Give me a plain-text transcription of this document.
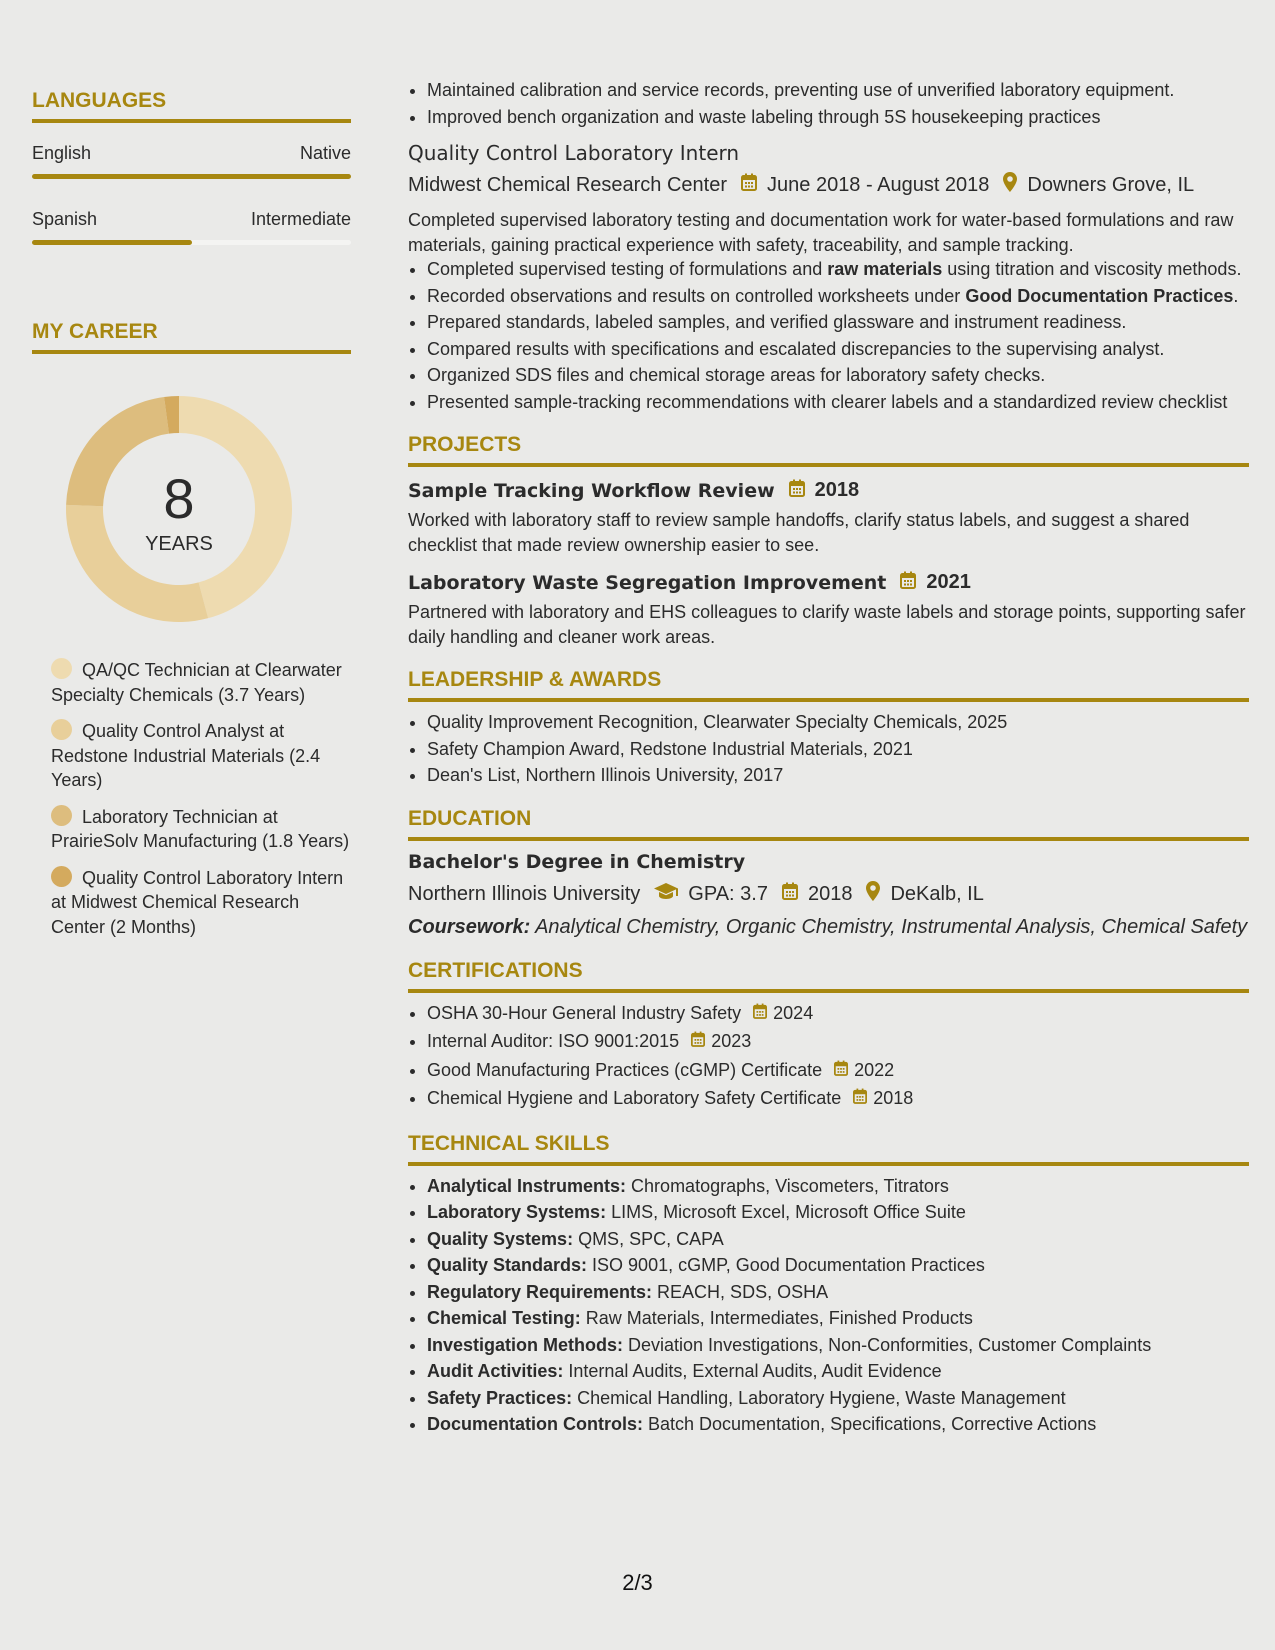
LANGUAGES
English	Native
Spanish	Intermediate
MY CAREER
8
YEARS
QA/QC Technician at Clearwater Specialty Chemicals (3.7 Years)
Quality Control Analyst at Redstone Industrial Materials (2.4 Years)
Laboratory Technician at PrairieSolv Manufacturing (1.8 Years)
Quality Control Laboratory Intern at Midwest Chemical Research Center (2 Months)
• Maintained calibration and service records, preventing use of unverified laboratory equipment.
• Improved bench organization and waste labeling through 5S housekeeping practices
Quality Control Laboratory Intern
Midwest Chemical Research Center June 2018 - August 2018 Downers Grove, IL
Completed supervised laboratory testing and documentation work for water-based formulations and raw materials, gaining practical experience with safety, traceability, and sample tracking.
• Completed supervised testing of formulations and raw materials using titration and viscosity methods.
• Recorded observations and results on controlled worksheets under Good Documentation Practices.
• Prepared standards, labeled samples, and verified glassware and instrument readiness.
• Compared results with specifications and escalated discrepancies to the supervising analyst.
• Organized SDS files and chemical storage areas for laboratory safety checks.
• Presented sample-tracking recommendations with clearer labels and a standardized review checklist
PROJECTS
Sample Tracking Workflow Review 2018
Worked with laboratory staff to review sample handoffs, clarify status labels, and suggest a shared checklist that made review ownership easier to see.
Laboratory Waste Segregation Improvement 2021
Partnered with laboratory and EHS colleagues to clarify waste labels and storage points, supporting safer daily handling and cleaner work areas.
LEADERSHIP & AWARDS
• Quality Improvement Recognition, Clearwater Specialty Chemicals, 2025
• Safety Champion Award, Redstone Industrial Materials, 2021
• Dean's List, Northern Illinois University, 2017
EDUCATION
Bachelor's Degree in Chemistry
Northern Illinois University GPA: 3.7 2018 DeKalb, IL
Coursework: Analytical Chemistry, Organic Chemistry, Instrumental Analysis, Chemical Safety
CERTIFICATIONS
• OSHA 30-Hour General Industry Safety 2024
• Internal Auditor: ISO 9001:2015 2023
• Good Manufacturing Practices (cGMP) Certificate 2022
• Chemical Hygiene and Laboratory Safety Certificate 2018
TECHNICAL SKILLS
• Analytical Instruments: Chromatographs, Viscometers, Titrators
• Laboratory Systems: LIMS, Microsoft Excel, Microsoft Office Suite
• Quality Systems: QMS, SPC, CAPA
• Quality Standards: ISO 9001, cGMP, Good Documentation Practices
• Regulatory Requirements: REACH, SDS, OSHA
• Chemical Testing: Raw Materials, Intermediates, Finished Products
• Investigation Methods: Deviation Investigations, Non-Conformities, Customer Complaints
• Audit Activities: Internal Audits, External Audits, Audit Evidence
• Safety Practices: Chemical Handling, Laboratory Hygiene, Waste Management
• Documentation Controls: Batch Documentation, Specifications, Corrective Actions
2/3
